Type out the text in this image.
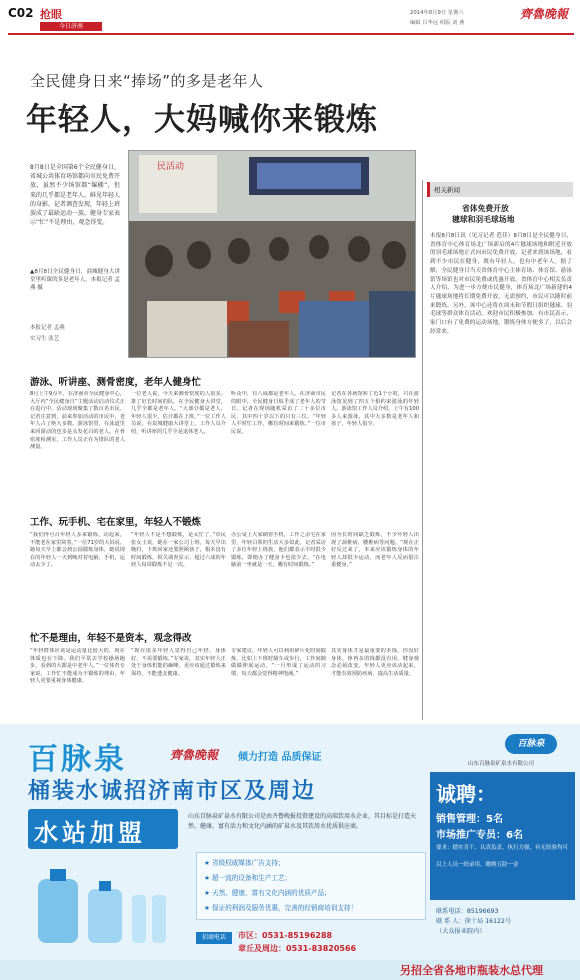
C02 抢眼
今日济南
2014年8月9日 星期六
编辑 吕华远 组版 刘 燕
齊魯晚報
全民健身日来“捧场”的多是老年人
年轻人，大妈喊你来锻炼

8月8日是全国第6个全民健身日，省城公共体育场馆都向市民免费开放，虽然不少场馆都“爆棚”，但来的几乎都是老年人，鲜见年轻人的身影。记者调查发现，年轻上班族成了最缺运动一族，健身专家表示“忙”不是理由，观念得变。

▲8月8日全民健身日，商城健身大讲堂里听课的多是老年人。本报记者 孟燕 摄

本报记者 孟燕
实习生 张艺
民活动
相关新闻
省体免费开放
毽球和羽毛球场地

本报8月8日讯（见习记者 范佳）8月8日是全民健身日，省体育中心体育场北广场新启的4片毽球场地和附近开放的羽毛球场地正式向市民免费开放。记者来到该场地，看到不少市民在健身，既有年轻人，也有中老年人。据了解，全民健身日当天省体育中心主体育场、体育馆、游泳馆等场馆也对市民免费或优惠开放。省体育中心相关负责人介绍，为进一步方便市民健身，体育场北广场新建的4片毽球场地将长期免费开放，无需预约，市民可以随时前来锻炼。另外，该中心还将在周末和节假日组织毽球、羽毛球等群众体育活动，欢迎市民积极参加。有市民表示，家门口有了免费的运动场地，锻炼身体方便多了，以后会经常来。

游泳、听讲座、测骨密度，老年人健身忙

8月上午9点半，在济南市全民健身中心，大厅内“全民健身日”主题活动启动仪式正在进行中，活动现场聚集了数百名市民。记者注意到，前来参加活动的市民中，老年人占了绝大多数。游泳馆里，在泳道里来回游动的也多是头发花白的老人。在骨密度检测室，工作人员正在为排队的老人测量。

一位老人说，今天来测骨密度的人很多，排了好长时间的队。在全民健身大讲堂，几乎全都是老年人。“大部分都是老人，年轻人很少，估计都在上班。”一位工作人员说。在泉城健康大讲堂上，工作人员介绍，听讲座的几乎全是退休老人。

听众中，有八成都是老年人。在济南市民的眼中，全民健身日似乎成了老年人的节日。记者在现场随机采访了二十多位市民，其中四十岁以下的只有三位。“年轻人平时忙工作，哪有时间来锻炼。”一位市民说。

记者在各场馆转了近1个小时，只在游泳馆见到了四五个相约来游泳的年轻人。游泳馆工作人员介绍，上午有100多人来游泳，其中大多数是老年人和孩子，年轻人很少。

工作、玩手机、宅在家里，年轻人不锻炼

“我们得号召年轻人多来锻炼，动起来，不能老在家里窝着。”一位71岁的大妈说。她每天早上都会到公园锻炼身体，她说现在的年轻人一天到晚对着电脑、手机，运动太少了。

“年轻人不是不想锻炼，是太忙了。”市民张女士说，她在一家公司上班，每天早出晚归，下班回家还要照顾孩子，根本没有时间锻炼。相关调查显示，超过六成的年轻人每周锻炼不足一次。

办公桌上大家刷着手机，工作之余宅在家里，年轻白领的生活大多如此。记者采访了多位年轻上班族，他们都表示平时很少锻炼，即便办了健身卡也很少去。“在电脑前一坐就是一天，哪有时间锻炼。”

因为长时间缺乏锻炼，不少年轻人出现了颈椎病、腰椎病等问题。“现在正好反过来了，本来应该锻炼身体的年轻人却很少运动，而老年人反而很注重健身。”

忙不是理由，年轻不是资本，观念得改

“年轻群体应该是运动量比较大的，现在体质也在下降。我们平常去学校操场跑步，看到的大都是中老年人。”一位体育专家说，工作忙不能成为不锻炼的理由，年轻人更要重视身体健康。

“现在很多年轻人觉得自己年轻，身体好，不需要锻炼。”专家说，其实年轻人正处于身体机能的巅峰，更应该通过锻炼来保持，不能透支健康。

专家建议，年轻人可以利用碎片化时间锻炼，比如上下班时骑车或步行，工作间隙做做伸展运动。“一旦形成了运动的习惯，每天都会觉得精神饱满。”

其实身体才是最重要的本钱，你没好身体，挣再多的钱都没有用。健身观念必须改变，年轻人更应该动起来，才能有效预防疾病，提高生活质量。

百脉泉	齊魯晚報 倾力打造 品质保证
桶装水诚招济南市区及周边
水站加盟

山东百脉泉矿泉水有限公司是由齐鲁晚报投资建设的高端饮用水企业，其目标是打造天然、健康、富有活力和文化内涵的矿泉水及其饮用水优质供应商。

★ 省级权威媒体广告支持；
★ 超一流的设备和生产工艺；
★ 天然、健康、富有文化内涵的优质产品；
★ 保证的利润及服务优惠，完善的经销商培训支持！
招商电话	市区：0531-85196288
章丘及周边：0531-83820566
百脉泉
山东百脉泉矿泉水有限公司
诚聘：
销售管理：5名
市场推广专员：6名

要求：踏实肯干、认真负责、执行力强，有无经验均可

以上人员一经录用，缴纳五险一金

联系电话：85196693
联 系 人：徐十局 16122号
（大众报业院内）
另招全省各地市瓶装水总代理
